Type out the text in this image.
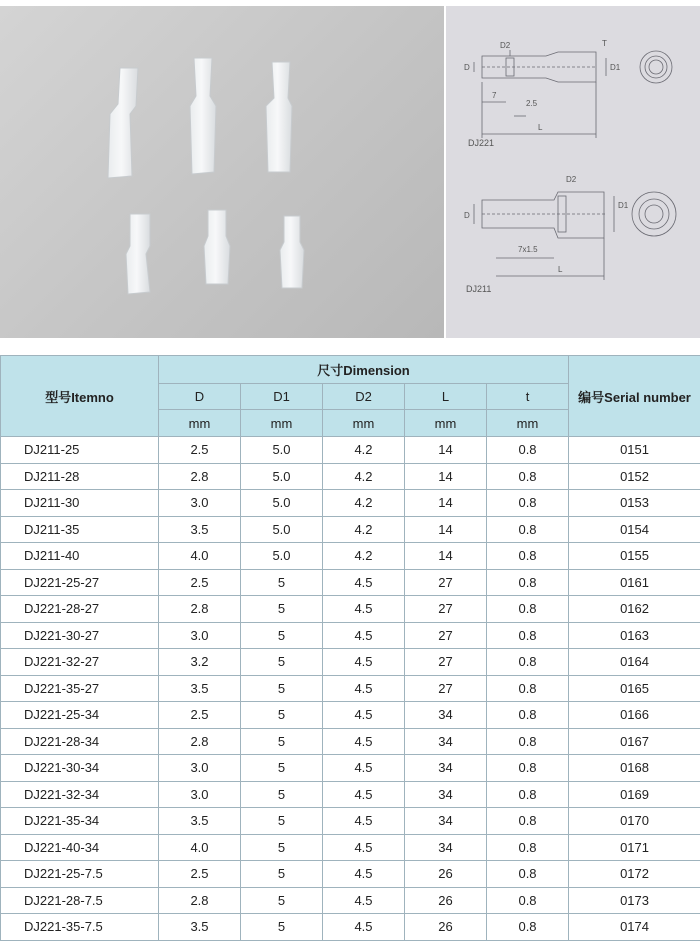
D2	T
D	D1
7
2.5
L
D2
D
D1
7x1.5
L
DJ221
DJ211
型号Itemno	尺寸Dimension					编号Serial number
	D	D1	D2	L	t	
	mm	mm	mm	mm	mm	
DJ211-25	2.5	5.0	4.2	14	0.8	0151
DJ211-28	2.8	5.0	4.2	14	0.8	0152
DJ211-30	3.0	5.0	4.2	14	0.8	0153
DJ211-35	3.5	5.0	4.2	14	0.8	0154
DJ211-40	4.0	5.0	4.2	14	0.8	0155
DJ221-25-27	2.5	5	4.5	27	0.8	0161
DJ221-28-27	2.8	5	4.5	27	0.8	0162
DJ221-30-27	3.0	5	4.5	27	0.8	0163
DJ221-32-27	3.2	5	4.5	27	0.8	0164
DJ221-35-27	3.5	5	4.5	27	0.8	0165
DJ221-25-34	2.5	5	4.5	34	0.8	0166
DJ221-28-34	2.8	5	4.5	34	0.8	0167
DJ221-30-34	3.0	5	4.5	34	0.8	0168
DJ221-32-34	3.0	5	4.5	34	0.8	0169
DJ221-35-34	3.5	5	4.5	34	0.8	0170
DJ221-40-34	4.0	5	4.5	34	0.8	0171
DJ221-25-7.5	2.5	5	4.5	26	0.8	0172
DJ221-28-7.5	2.8	5	4.5	26	0.8	0173
DJ221-35-7.5	3.5	5	4.5	26	0.8	0174
